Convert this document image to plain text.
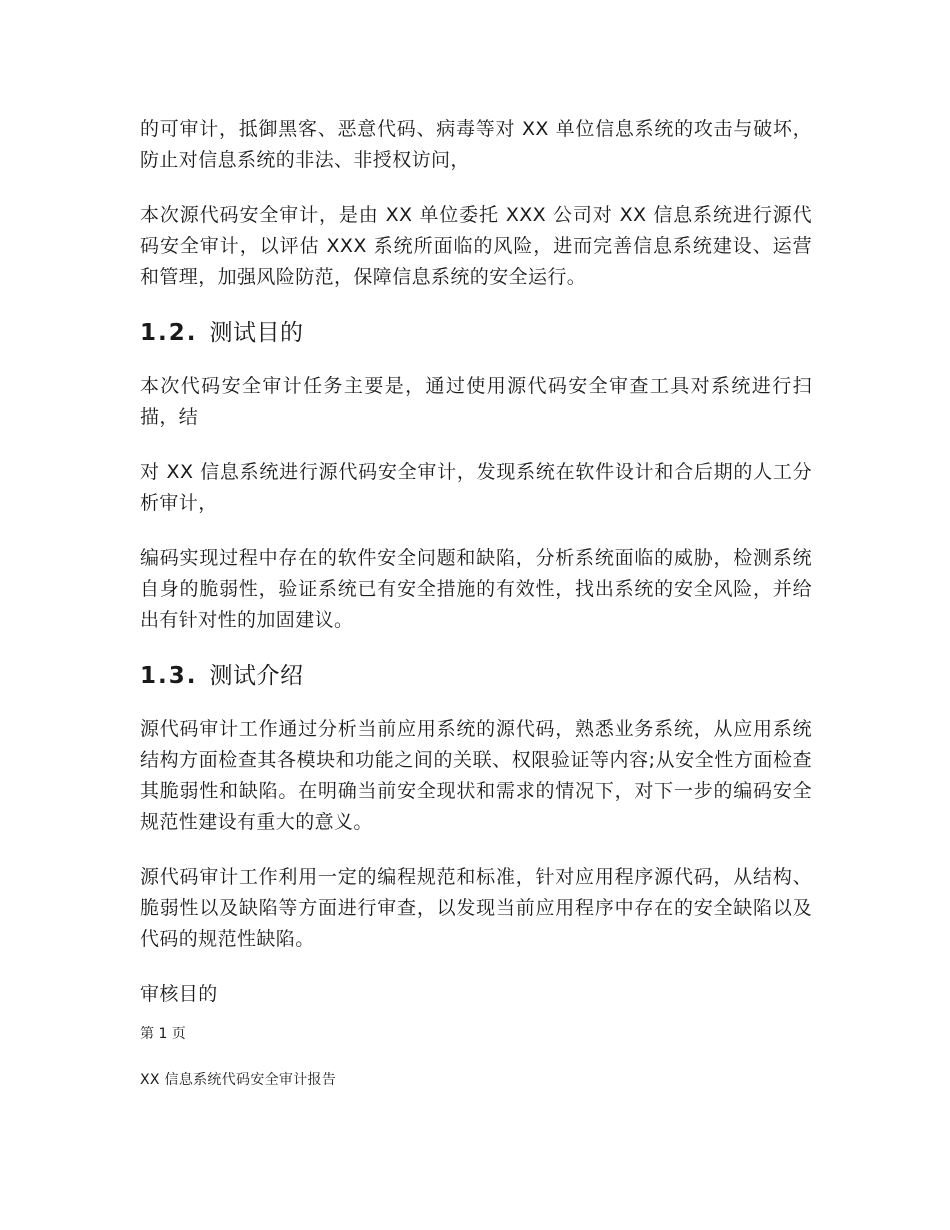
的可审计，抵御黑客、恶意代码、病毒等对 XX 单位信息系统的攻击与破坏，防止对信息系统的非法、非授权访问，

本次源代码安全审计，是由 XX 单位委托 XXX 公司对 XX 信息系统进行源代码安全审计，以评估 XXX 系统所面临的风险，进而完善信息系统建设、运营和管理，加强风险防范，保障信息系统的安全运行。

1.2. 测试目的

本次代码安全审计任务主要是，通过使用源代码安全审查工具对系统进行扫描，结

对 XX 信息系统进行源代码安全审计，发现系统在软件设计和合后期的人工分析审计，

编码实现过程中存在的软件安全问题和缺陷，分析系统面临的威胁，检测系统自身的脆弱性，验证系统已有安全措施的有效性，找出系统的安全风险，并给出有针对性的加固建议。

1.3. 测试介绍

源代码审计工作通过分析当前应用系统的源代码，熟悉业务系统，从应用系统结构方面检查其各模块和功能之间的关联、权限验证等内容;从安全性方面检查其脆弱性和缺陷。在明确当前安全现状和需求的情况下，对下一步的编码安全规范性建设有重大的意义。

源代码审计工作利用一定的编程规范和标准，针对应用程序源代码，从结构、脆弱性以及缺陷等方面进行审查，以发现当前应用程序中存在的安全缺陷以及代码的规范性缺陷。

审核目的
第 1 页
XX 信息系统代码安全审计报告
